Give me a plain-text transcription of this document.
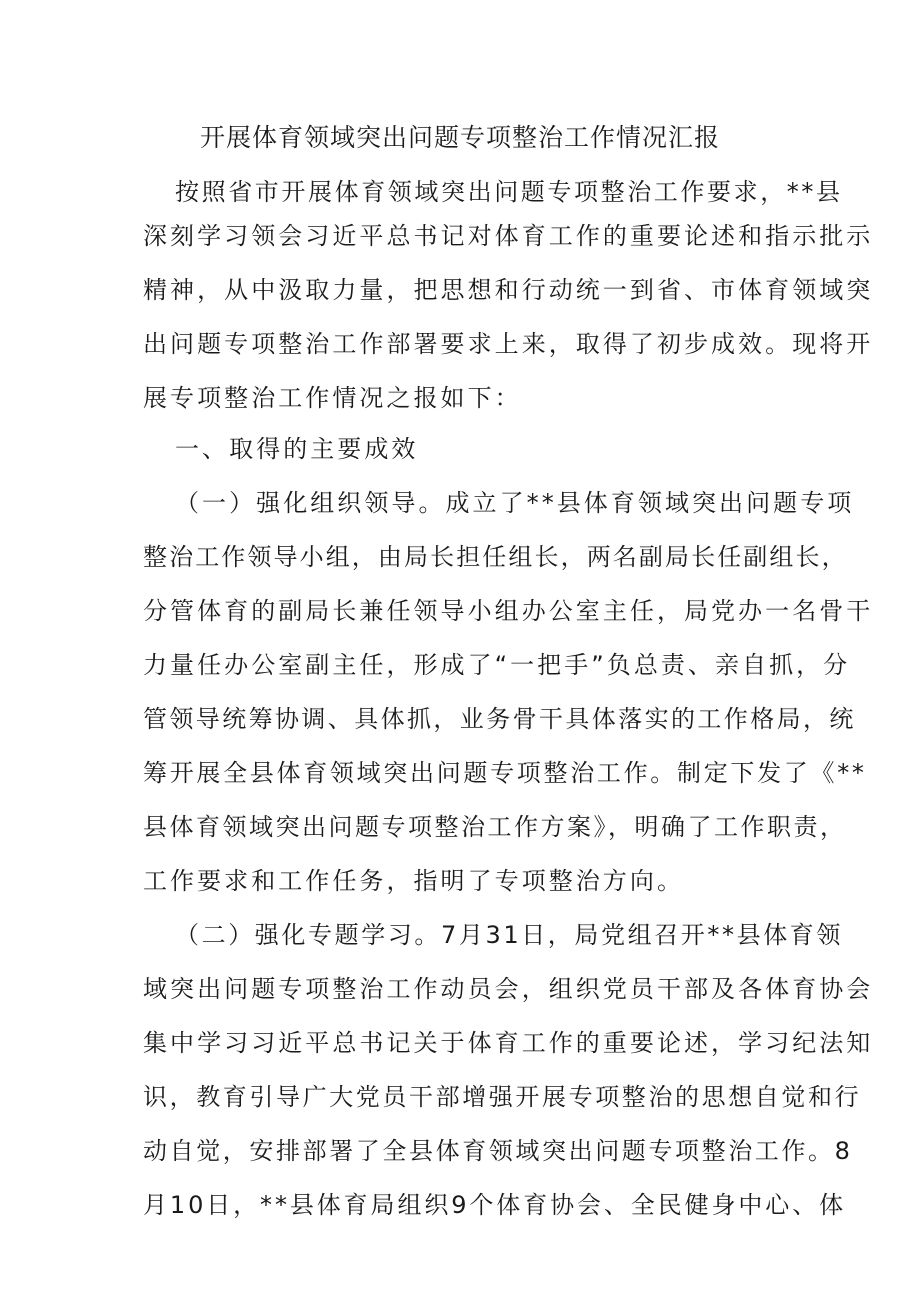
开展体育领域突出问题专项整治工作情况汇报

按照省市开展体育领域突出问题专项整治工作要求，**县

深刻学习领会习近平总书记对体育工作的重要论述和指示批示

精神，从中汲取力量，把思想和行动统一到省、市体育领域突

出问题专项整治工作部署要求上来，取得了初步成效。现将开

展专项整治工作情况之报如下：

一、取得的主要成效

（一）强化组织领导。成立了**县体育领域突出问题专项

整治工作领导小组，由局长担任组长，两名副局长任副组长，

分管体育的副局长兼任领导小组办公室主任，局党办一名骨干

力量任办公室副主任，形成了“一把手”负总责、亲自抓，分

管领导统筹协调、具体抓，业务骨干具体落实的工作格局，统

筹开展全县体育领域突出问题专项整治工作。制定下发了《**

县体育领域突出问题专项整治工作方案》，明确了工作职责，

工作要求和工作任务，指明了专项整治方向。

（二）强化专题学习。7月31日，局党组召开**县体育领

域突出问题专项整治工作动员会，组织党员干部及各体育协会

集中学习习近平总书记关于体育工作的重要论述，学习纪法知

识，教育引导广大党员干部增强开展专项整治的思想自觉和行

动自觉，安排部署了全县体育领域突出问题专项整治工作。8

月10日，**县体育局组织9个体育协会、全民健身中心、体
